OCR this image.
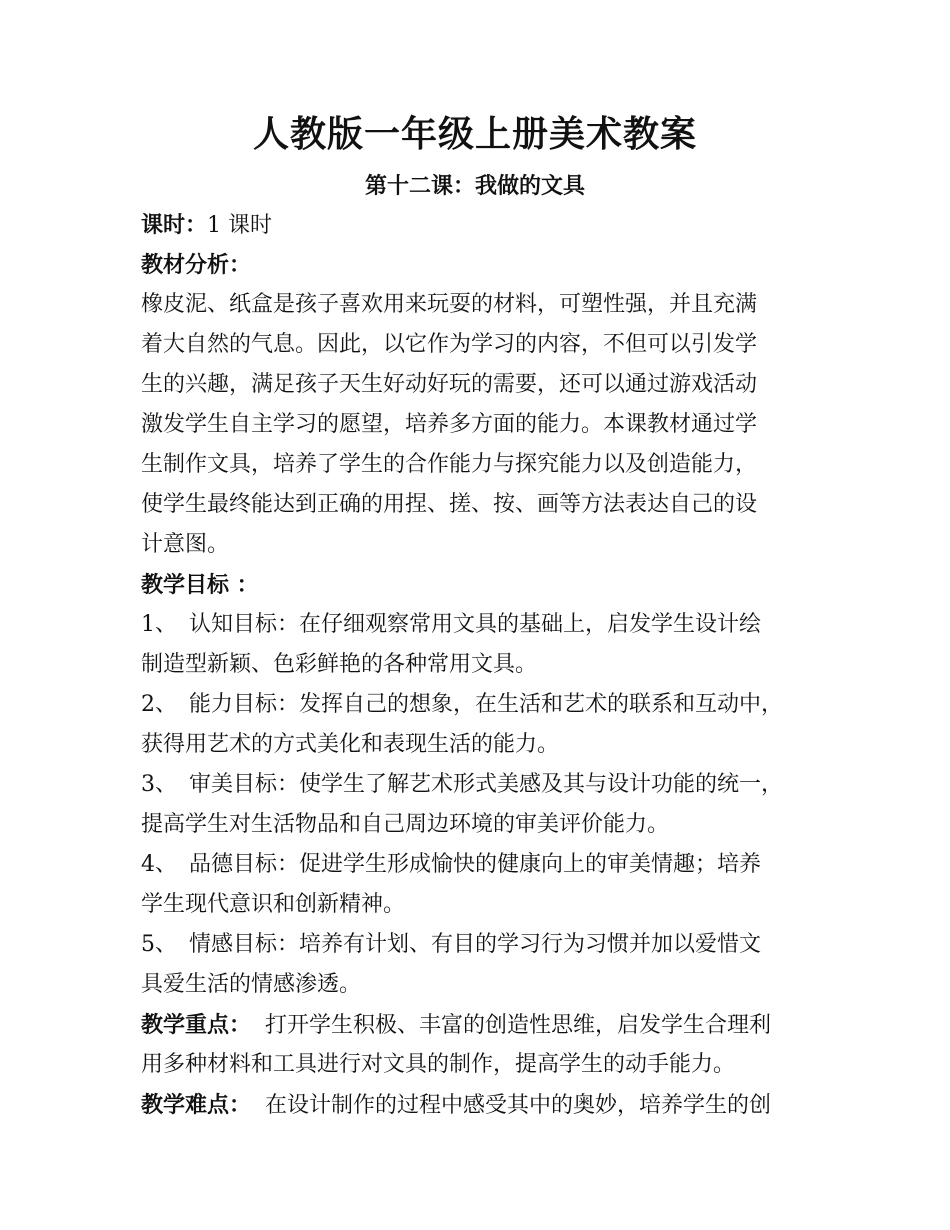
人教版一年级上册美术教案
第十二课：我做的文具
课时：1 课时
教材分析：
橡皮泥、纸盒是孩子喜欢用来玩耍的材料，可塑性强，并且充满
着大自然的气息。因此，以它作为学习的内容，不但可以引发学
生的兴趣，满足孩子天生好动好玩的需要，还可以通过游戏活动
激发学生自主学习的愿望，培养多方面的能力。本课教材通过学
生制作文具，培养了学生的合作能力与探究能力以及创造能力，
使学生最终能达到正确的用捏、搓、按、画等方法表达自己的设
计意图。
教学目标 ：
1、 认知目标：在仔细观察常用文具的基础上，启发学生设计绘
制造型新颖、色彩鲜艳的各种常用文具。
2、 能力目标：发挥自己的想象，在生活和艺术的联系和互动中，
获得用艺术的方式美化和表现生活的能力。
3、 审美目标：使学生了解艺术形式美感及其与设计功能的统一，
提高学生对生活物品和自己周边环境的审美评价能力。
4、 品德目标：促进学生形成愉快的健康向上的审美情趣；培养
学生现代意识和创新精神。
5、 情感目标：培养有计划、有目的学习行为习惯并加以爱惜文
具爱生活的情感渗透。
教学重点： 打开学生积极、丰富的创造性思维，启发学生合理利
用多种材料和工具进行对文具的制作，提高学生的动手能力。
教学难点： 在设计制作的过程中感受其中的奥妙，培养学生的创
